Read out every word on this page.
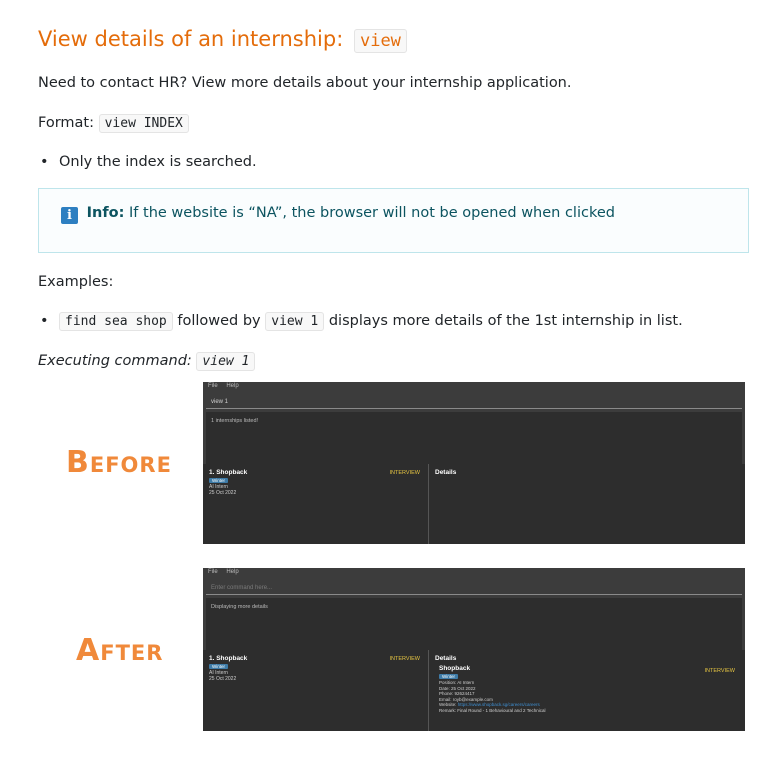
View details of an internship: view
Need to contact HR? View more details about your internship application.
Format: view INDEX
• Only the index is searched.
i Info: If the website is “NA”, the browser will not be opened when clicked
Examples:
• find sea shop followed by view 1 displays more details of the 1st internship in list.
Executing command: view 1
Before
File Help
view 1
1 internships listed!
1. Shopback	INTERVIEW
Winter
AI Intern
25 Oct 2022
Details
After
File Help
Enter command here...
Displaying more details
1. Shopback	INTERVIEW
Winter
AI Intern
25 Oct 2022
Details
Shopback	INTERVIEW
Winter
Position: AI Intern
Date: 25 Oct 2022
Phone: 92624417
Email: royb@example.com
Website: https://www.shopback.sg/careers/careers
Remark: Final Round - 1 Behavioural and 2 Technical
